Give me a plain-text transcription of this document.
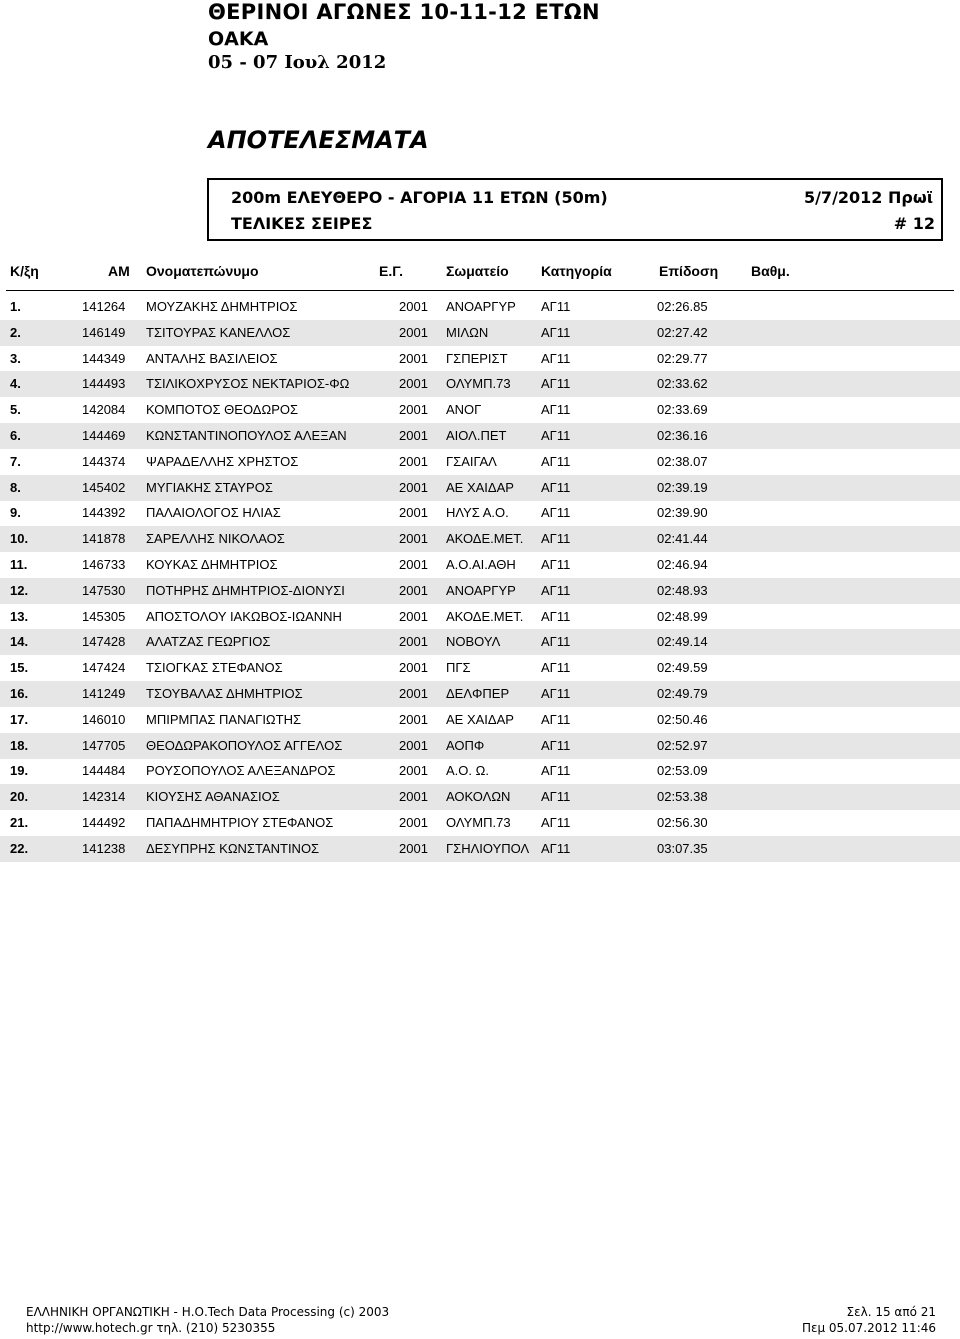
ΘΕΡΙΝΟΙ ΑΓΩΝΕΣ 10-11-12 ΕΤΩΝ
ΟΑΚΑ
05 - 07 Ιουλ 2012
ΑΠΟΤΕΛΕΣΜΑΤΑ
200m ΕΛΕΥΘΕΡΟ - ΑΓΟΡΙΑ 11 ΕΤΩΝ (50m)
ΤΕΛΙΚΕΣ ΣΕΙΡΕΣ
5/7/2012 Πρωϊ
# 12
Κ/ξη	ΑΜ Ονοματεπώνυμο	Ε.Γ.	Σωματείο Κατηγορία	Επίδοση Βαθμ.
1.	141264 ΜΟΥΖΑΚΗΣ ΔΗΜΗΤΡΙΟΣ	2001 ΑΝΟΑΡΓΥΡ ΑΓ11	02:26.85
2.	146149 ΤΣΙΤΟΥΡΑΣ ΚΑΝΕΛΛΟΣ	2001 ΜΙΛΩΝ	ΑΓ11	02:27.42
3.	144349 ΑΝΤΑΛΗΣ ΒΑΣΙΛΕΙΟΣ	2001 ΓΣΠΕΡΙΣΤ	ΑΓ11	02:29.77
4.	144493 ΤΣΙΛΙΚΟΧΡΥΣΟΣ ΝΕΚΤΑΡΙΟΣ-ΦΩ	2001 ΟΛΥΜΠ.73 ΑΓ11	02:33.62
5.	142084 ΚΟΜΠΟΤΟΣ ΘΕΟΔΩΡΟΣ	2001 ΑΝΟΓ	ΑΓ11	02:33.69
6.	144469 ΚΩΝΣΤΑΝΤΙΝΟΠΟΥΛΟΣ ΑΛΕΞΑΝ	2001 ΑΙΟΛ.ΠΕΤ	ΑΓ11	02:36.16
7.	144374 ΨΑΡΑΔΕΛΛΗΣ ΧΡΗΣΤΟΣ	2001 ΓΣΑΙΓΑΛ	ΑΓ11	02:38.07
8.	145402 ΜΥΓΙΑΚΗΣ ΣΤΑΥΡΟΣ	2001 ΑΕ ΧΑΙΔΑΡ ΑΓ11	02:39.19
9.	144392 ΠΑΛΑΙΟΛΟΓΟΣ ΗΛΙΑΣ	2001 ΗΛΥΣ Α.Ο. ΑΓ11	02:39.90
10.	141878 ΣΑΡΕΛΛΗΣ ΝΙΚΟΛΑΟΣ	2001 ΑΚΟΔΕ.ΜΕΤ. ΑΓ11	02:41.44
11.	146733 ΚΟΥΚΑΣ ΔΗΜΗΤΡΙΟΣ	2001 Α.Ο.ΑΙ.ΑΘΗ ΑΓ11	02:46.94
12.	147530 ΠΟΤΗΡΗΣ ΔΗΜΗΤΡΙΟΣ-ΔΙΟΝΥΣΙ	2001 ΑΝΟΑΡΓΥΡ ΑΓ11	02:48.93
13.	145305 ΑΠΟΣΤΟΛΟΥ ΙΑΚΩΒΟΣ-ΙΩΑΝΝΗ	2001 ΑΚΟΔΕ.ΜΕΤ. ΑΓ11	02:48.99
14.	147428 ΑΛΑΤΖΑΣ ΓΕΩΡΓΙΟΣ	2001 ΝΟΒΟΥΛ	ΑΓ11	02:49.14
15.	147424 ΤΣΙΟΓΚΑΣ ΣΤΕΦΑΝΟΣ	2001 ΠΓΣ	ΑΓ11	02:49.59
16.	141249 ΤΣΟΥΒΑΛΑΣ ΔΗΜΗΤΡΙΟΣ	2001 ΔΕΛΦΠΕΡ ΑΓ11	02:49.79
17.	146010 ΜΠΙΡΜΠΑΣ ΠΑΝΑΓΙΩΤΗΣ	2001 ΑΕ ΧΑΙΔΑΡ ΑΓ11	02:50.46
18.	147705 ΘΕΟΔΩΡΑΚΟΠΟΥΛΟΣ ΑΓΓΕΛΟΣ	2001 ΑΟΠΦ	ΑΓ11	02:52.97
19.	144484 ΡΟΥΣΟΠΟΥΛΟΣ ΑΛΕΞΑΝΔΡΟΣ	2001 Α.Ο. Ω.	ΑΓ11	02:53.09
20.	142314 ΚΙΟΥΣΗΣ ΑΘΑΝΑΣΙΟΣ	2001 ΑΟΚΟΛΩΝ ΑΓ11	02:53.38
21.	144492 ΠΑΠΑΔΗΜΗΤΡΙΟΥ ΣΤΕΦΑΝΟΣ	2001 ΟΛΥΜΠ.73 ΑΓ11	02:56.30
22.	141238 ΔΕΣΥΠΡΗΣ ΚΩΝΣΤΑΝΤΙΝΟΣ	2001 ΓΣΗΛΙΟΥΠΟΛ ΑΓ11	03:07.35
ΕΛΛΗΝΙΚΗ ΟΡΓΑΝΩΤΙΚΗ - Η.Ο.Tech Data Processing (c) 2003
http://www.hotech.gr τηλ. (210) 5230355
Σελ. 15 από 21
Πεμ 05.07.2012 11:46
